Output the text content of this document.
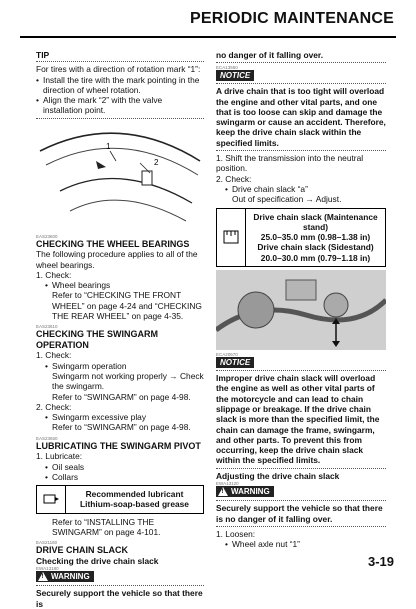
PERIODIC MAINTENANCE
TIP
For tires with a direction of rotation mark “1”:
• Install the tire with the mark pointing in the direction of wheel rotation.
• Align the mark “2” with the valve installation point.
1
2
EAS23600
CHECKING THE WHEEL BEARINGS
The following procedure applies to all of the wheel bearings.
1. Check:
• Wheel bearings
Refer to “CHECKING THE FRONT WHEEL” on page 4-24 and “CHECKING THE REAR WHEEL” on page 4-35.
EAS23610
CHECKING THE SWINGARM OPERATION
1. Check:
• Swingarm operation
Swingarm not working properly → Check the swingarm.
Refer to “SWINGARM” on page 4-98.
2. Check:
• Swingarm excessive play
Refer to “SWINGARM” on page 4-98.
EAS23650
LUBRICATING THE SWINGARM PIVOT
1. Lubricate:
• Oil seals
• Collars
Recommended lubricant
Lithium-soap-based grease
Refer to “INSTALLING THE SWINGARM” on page 4-101.
EAS21160
DRIVE CHAIN SLACK
Checking the drive chain slack
EWA13180
! WARNING
Securely support the vehicle so that there is
no danger of it falling over.
ECA13550
NOTICE
A drive chain that is too tight will overload the engine and other vital parts, and one that is too loose can skip and damage the swingarm or cause an accident. Therefore, keep the drive chain slack within the specified limits.
1. Shift the transmission into the neutral position.
2. Check:
• Drive chain slack “a”
Out of specification → Adjust.
Drive chain slack (Maintenance stand)
25.0–35.0 mm (0.98–1.38 in)
Drive chain slack (Sidestand)
20.0–30.0 mm (0.79–1.18 in)
ECA20670
NOTICE
Improper drive chain slack will overload the engine as well as other vital parts of the motorcycle and can lead to chain slippage or breakage. If the drive chain slack is more than the specified limit, the chain can damage the frame, swingarm, and other parts. To prevent this from occurring, keep the drive chain slack within the specified limits.
Adjusting the drive chain slack
EWA13120
! WARNING
Securely support the vehicle so that there is no danger of it falling over.
1. Loosen:
• Wheel axle nut “1”
3-19
